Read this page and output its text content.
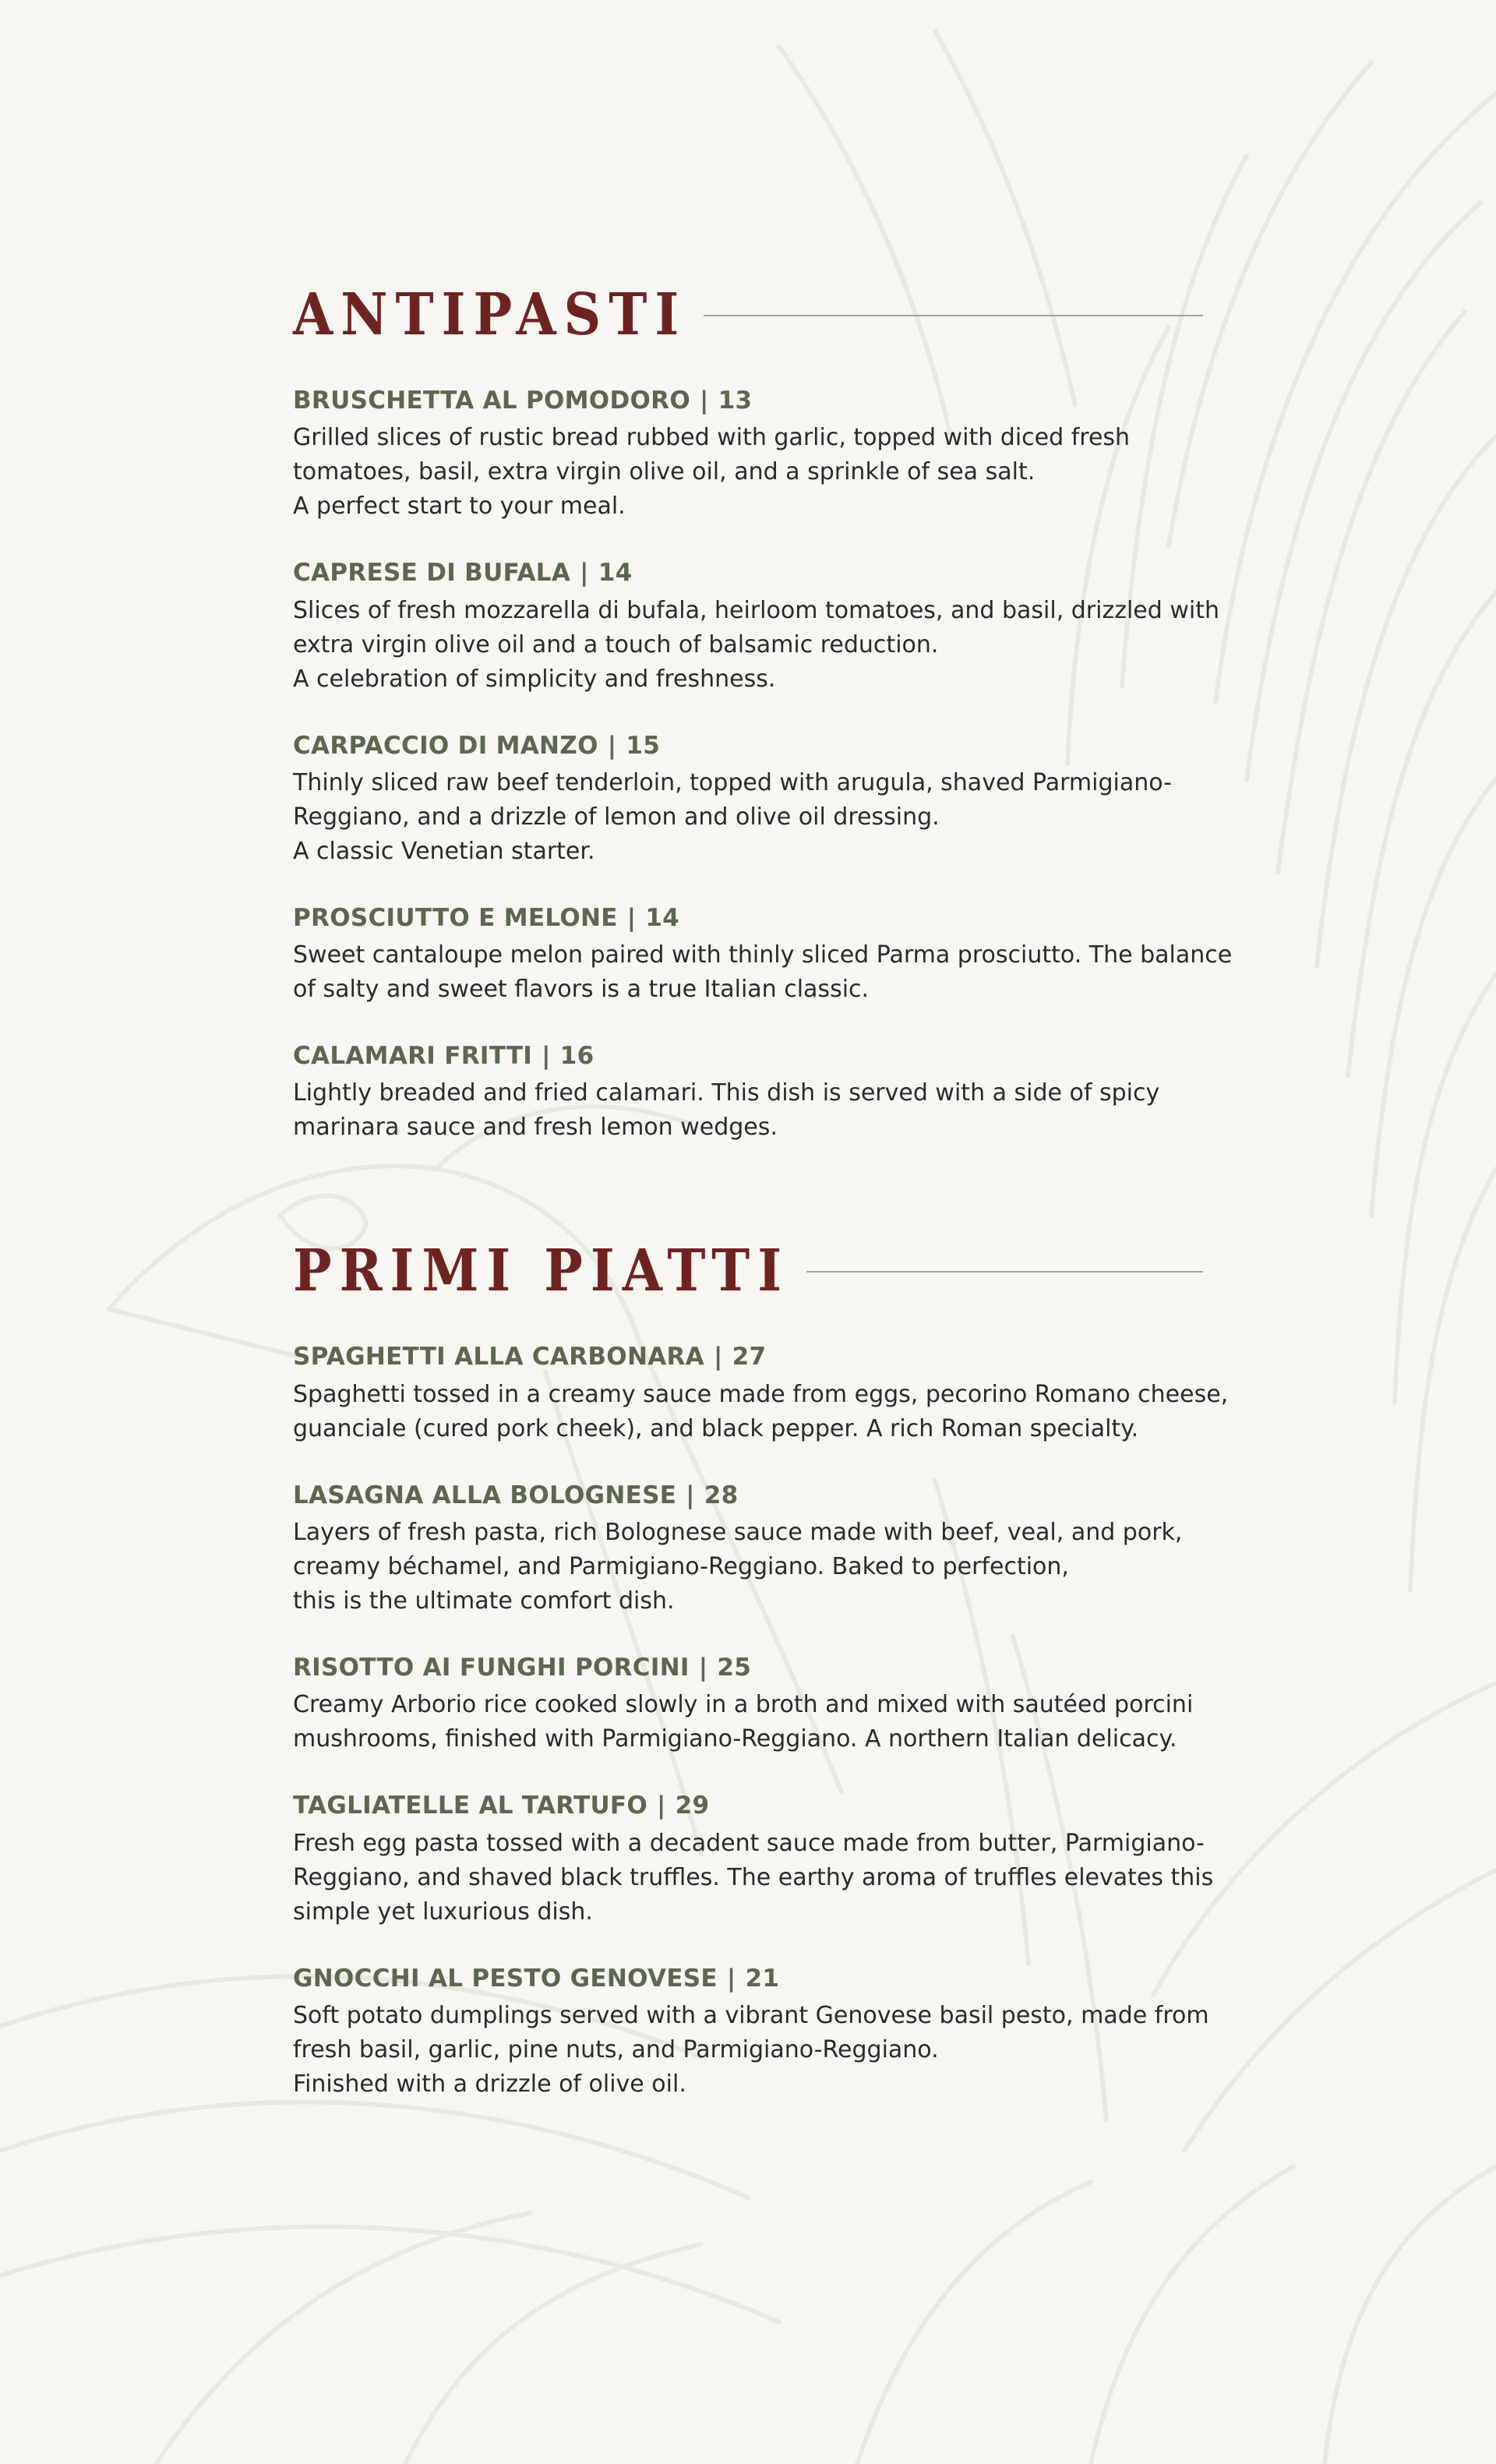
ANTIPASTI

BRUSCHETTA AL POMODORO | 13

Grilled slices of rustic bread rubbed with garlic, topped with diced fresh
tomatoes, basil, extra virgin olive oil, and a sprinkle of sea salt.
A perfect start to your meal.

CAPRESE DI BUFALA | 14

Slices of fresh mozzarella di bufala, heirloom tomatoes, and basil, drizzled with
extra virgin olive oil and a touch of balsamic reduction.
A celebration of simplicity and freshness.

CARPACCIO DI MANZO | 15

Thinly sliced raw beef tenderloin, topped with arugula, shaved Parmigiano-
Reggiano, and a drizzle of lemon and olive oil dressing.
A classic Venetian starter.

PROSCIUTTO E MELONE | 14

Sweet cantaloupe melon paired with thinly sliced Parma prosciutto. The balance
of salty and sweet flavors is a true Italian classic.

CALAMARI FRITTI | 16

Lightly breaded and fried calamari. This dish is served with a side of spicy
marinara sauce and fresh lemon wedges.

PRIMI PIATTI

SPAGHETTI ALLA CARBONARA | 27

Spaghetti tossed in a creamy sauce made from eggs, pecorino Romano cheese,
guanciale (cured pork cheek), and black pepper. A rich Roman specialty.

LASAGNA ALLA BOLOGNESE | 28

Layers of fresh pasta, rich Bolognese sauce made with beef, veal, and pork,
creamy béchamel, and Parmigiano-Reggiano. Baked to perfection,
this is the ultimate comfort dish.

RISOTTO AI FUNGHI PORCINI | 25

Creamy Arborio rice cooked slowly in a broth and mixed with sautéed porcini
mushrooms, finished with Parmigiano-Reggiano. A northern Italian delicacy.

TAGLIATELLE AL TARTUFO | 29

Fresh egg pasta tossed with a decadent sauce made from butter, Parmigiano-
Reggiano, and shaved black truffles. The earthy aroma of truffles elevates this
simple yet luxurious dish.

GNOCCHI AL PESTO GENOVESE | 21

Soft potato dumplings served with a vibrant Genovese basil pesto, made from
fresh basil, garlic, pine nuts, and Parmigiano-Reggiano.
Finished with a drizzle of olive oil.
